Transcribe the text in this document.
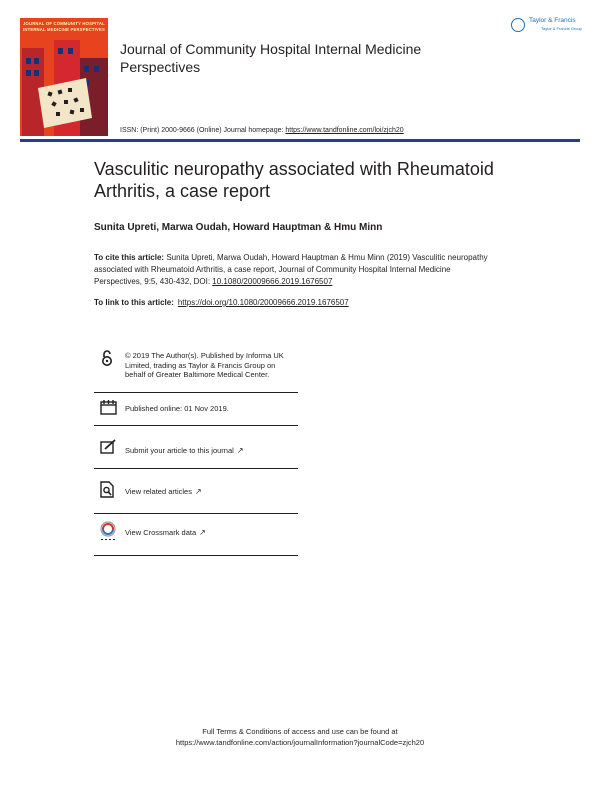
JOURNAL OF COMMUNITY HOSPITAL
INTERNAL MEDICINE PERSPECTIVES
Journal of Community Hospital Internal Medicine Perspectives
ISSN: (Print) 2000-9666 (Online) Journal homepage: https://www.tandfonline.com/loi/zjch20
Taylor & Francis
Taylor & Francis Group
Vasculitic neuropathy associated with Rheumatoid Arthritis, a case report
Sunita Upreti, Marwa Oudah, Howard Hauptman & Hmu Minn
To cite this article: Sunita Upreti, Marwa Oudah, Howard Hauptman & Hmu Minn (2019) Vasculitic neuropathy associated with Rheumatoid Arthritis, a case report, Journal of Community Hospital Internal Medicine Perspectives, 9:5, 430-432, DOI: 10.1080/20009666.2019.1676507
To link to this article: https://doi.org/10.1080/20009666.2019.1676507
© 2019 The Author(s). Published by Informa UK Limited, trading as Taylor & Francis Group on behalf of Greater Baltimore Medical Center.
Published online: 01 Nov 2019.
Submit your article to this journal ↗
View related articles ↗
View Crossmark data ↗
Full Terms & Conditions of access and use can be found at
https://www.tandfonline.com/action/journalInformation?journalCode=zjch20
